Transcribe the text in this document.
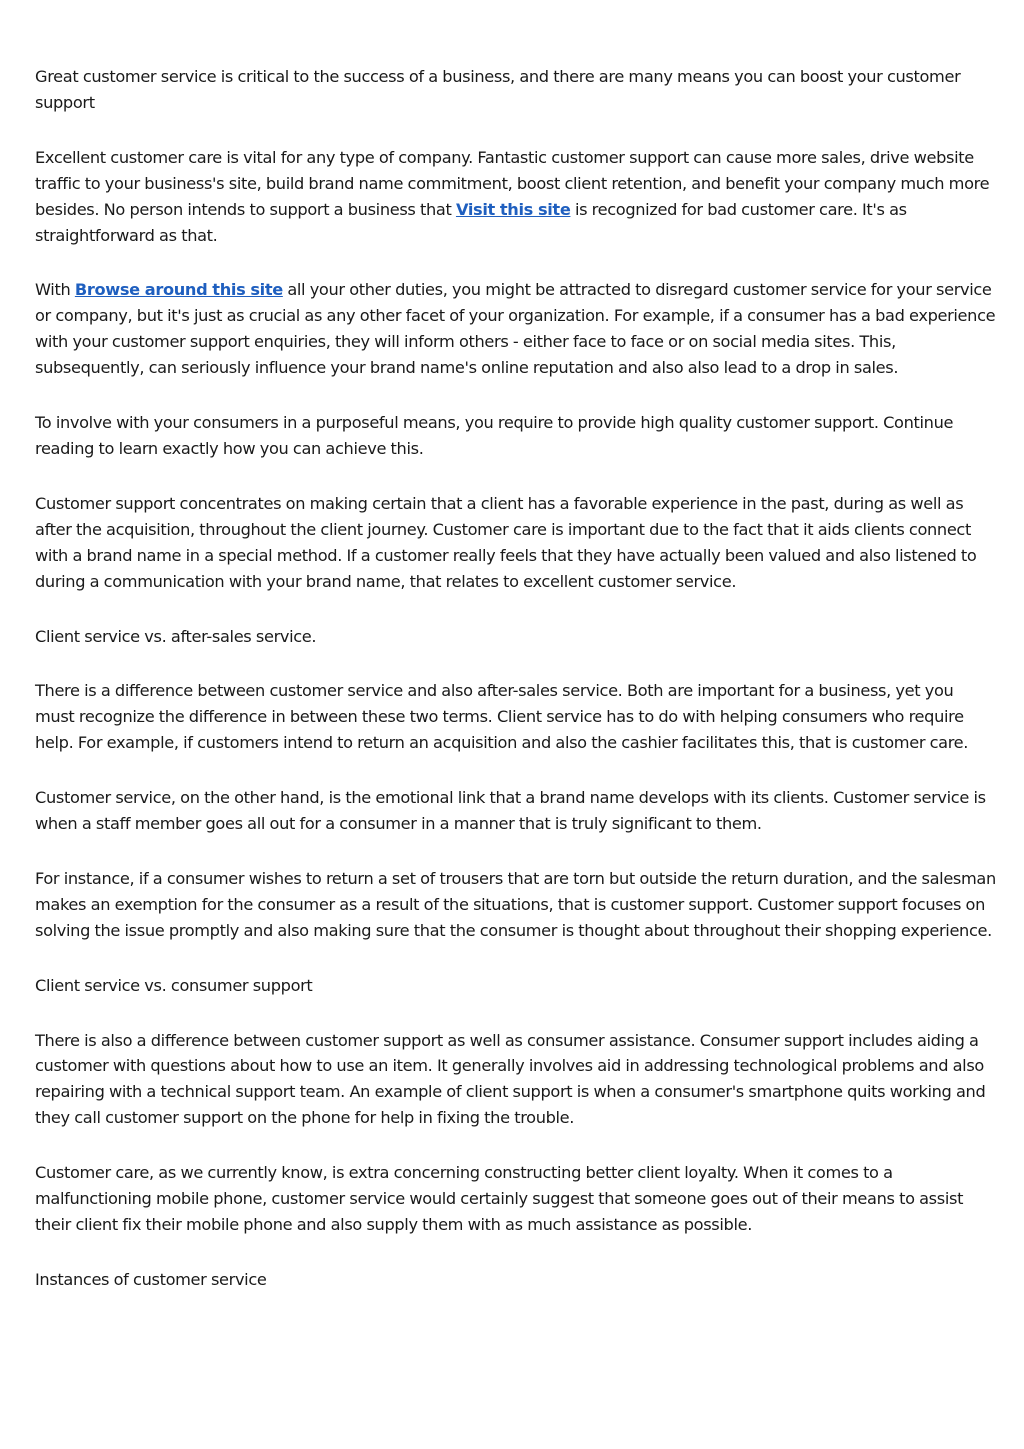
Great customer service is critical to the success of a business, and there are many means you can boost your customer support

Excellent customer care is vital for any type of company. Fantastic customer support can cause more sales, drive website traffic to your business's site, build brand name commitment, boost client retention, and benefit your company much more besides. No person intends to support a business that Visit this site is recognized for bad customer care. It's as straightforward as that.

With Browse around this site all your other duties, you might be attracted to disregard customer service for your service or company, but it's just as crucial as any other facet of your organization. For example, if a consumer has a bad experience with your customer support enquiries, they will inform others - either face to face or on social media sites. This, subsequently, can seriously influence your brand name's online reputation and also also lead to a drop in sales.

To involve with your consumers in a purposeful means, you require to provide high quality customer support. Continue reading to learn exactly how you can achieve this.

Customer support concentrates on making certain that a client has a favorable experience in the past, during as well as after the acquisition, throughout the client journey. Customer care is important due to the fact that it aids clients connect with a brand name in a special method. If a customer really feels that they have actually been valued and also listened to during a communication with your brand name, that relates to excellent customer service.

Client service vs. after-sales service.

There is a difference between customer service and also after-sales service. Both are important for a business, yet you must recognize the difference in between these two terms. Client service has to do with helping consumers who require help. For example, if customers intend to return an acquisition and also the cashier facilitates this, that is customer care.

Customer service, on the other hand, is the emotional link that a brand name develops with its clients. Customer service is when a staff member goes all out for a consumer in a manner that is truly significant to them.

For instance, if a consumer wishes to return a set of trousers that are torn but outside the return duration, and the salesman makes an exemption for the consumer as a result of the situations, that is customer support. Customer support focuses on solving the issue promptly and also making sure that the consumer is thought about throughout their shopping experience.

Client service vs. consumer support

There is also a difference between customer support as well as consumer assistance. Consumer support includes aiding a customer with questions about how to use an item. It generally involves aid in addressing technological problems and also repairing with a technical support team. An example of client support is when a consumer's smartphone quits working and they call customer support on the phone for help in fixing the trouble.

Customer care, as we currently know, is extra concerning constructing better client loyalty. When it comes to a malfunctioning mobile phone, customer service would certainly suggest that someone goes out of their means to assist their client fix their mobile phone and also supply them with as much assistance as possible.

Instances of customer service
